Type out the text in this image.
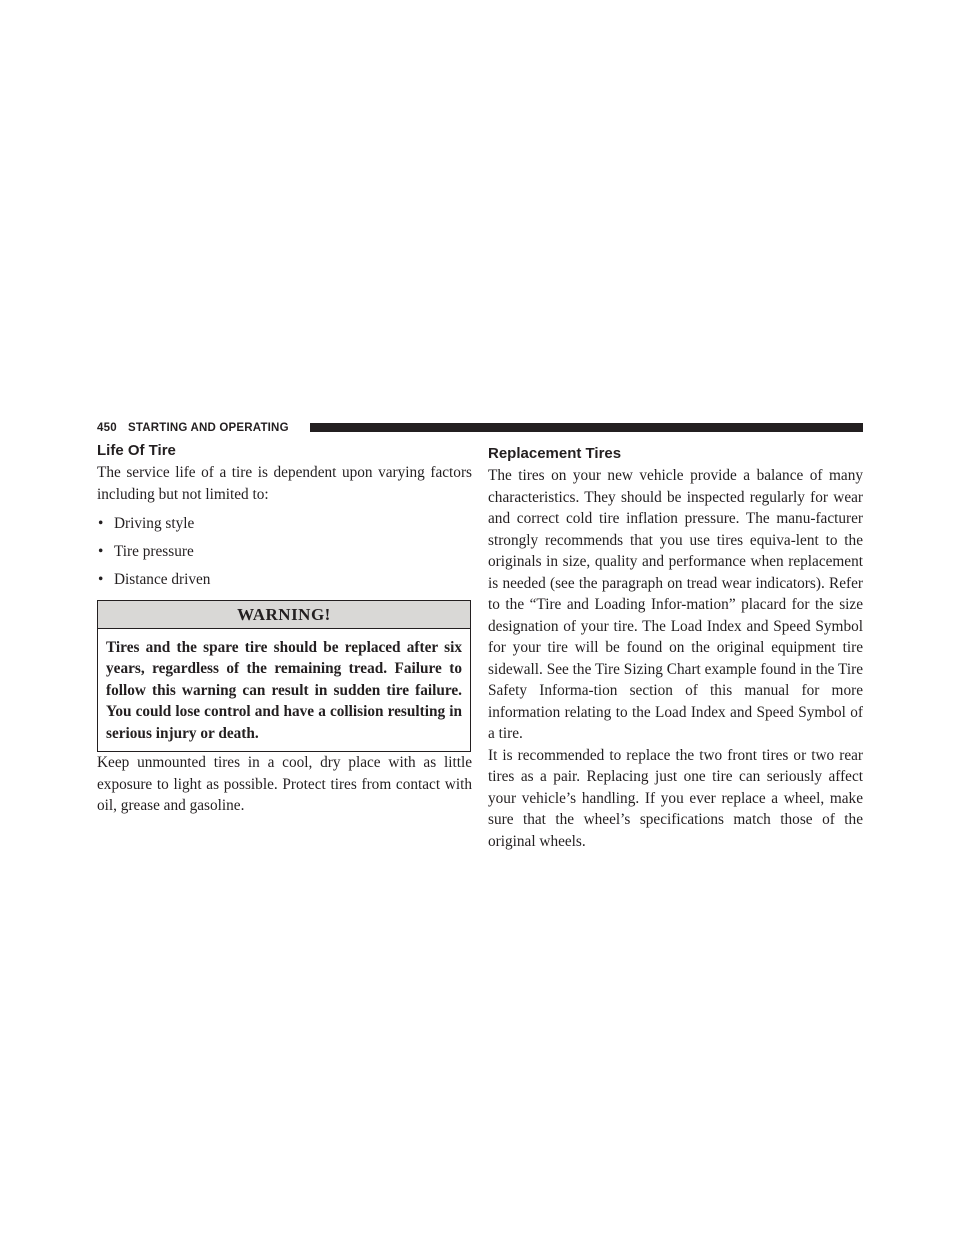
450 STARTING AND OPERATING
Life Of Tire

The service life of a tire is dependent upon varying factors including but not limited to:

• Driving style
• Tire pressure
• Distance driven
WARNING!
Tires and the spare tire should be replaced after six years, regardless of the remaining tread. Failure to follow this warning can result in sudden tire failure. You could lose control and have a collision resulting in serious injury or death.

Keep unmounted tires in a cool, dry place with as little exposure to light as possible. Protect tires from contact with oil, grease and gasoline.

Replacement Tires

The tires on your new vehicle provide a balance of many characteristics. They should be inspected regularly for wear and correct cold tire inflation pressure. The manu-facturer strongly recommends that you use tires equiva-lent to the originals in size, quality and performance when replacement is needed (see the paragraph on tread wear indicators). Refer to the “Tire and Loading Infor-mation” placard for the size designation of your tire. The Load Index and Speed Symbol for your tire will be found on the original equipment tire sidewall. See the Tire Sizing Chart example found in the Tire Safety Informa-tion section of this manual for more information relating to the Load Index and Speed Symbol of a tire.

It is recommended to replace the two front tires or two rear tires as a pair. Replacing just one tire can seriously affect your vehicle’s handling. If you ever replace a wheel, make sure that the wheel’s specifications match those of the original wheels.
